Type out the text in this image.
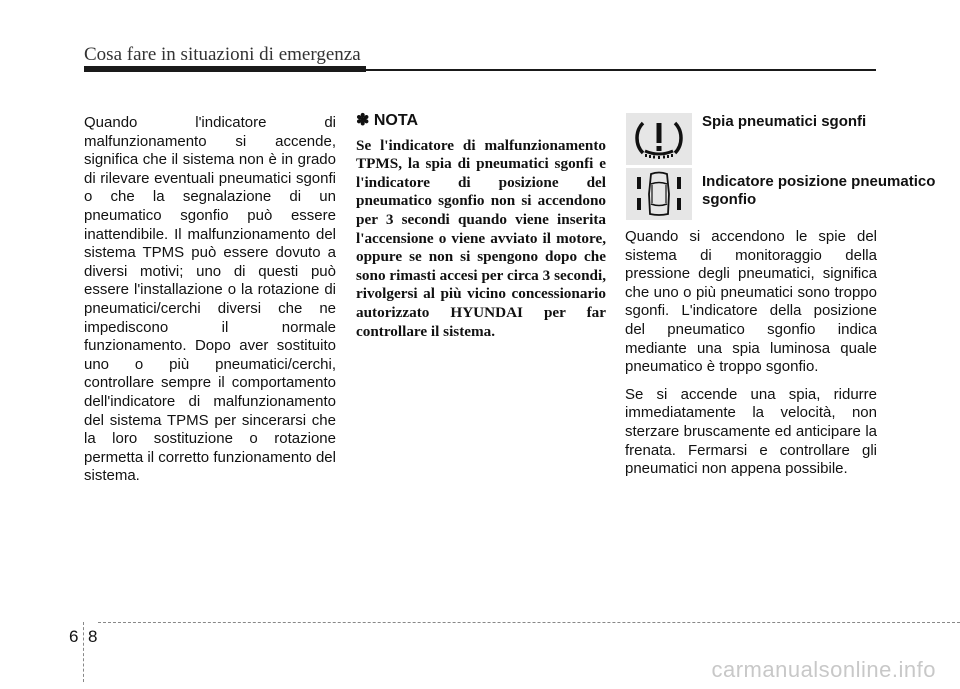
Cosa fare in situazioni di emergenza

Quando l'indicatore di malfunzionamento si accende, significa che il sistema non è in grado di rilevare eventuali pneumatici sgonfi o che la segnalazione di un pneumatico sgonfio può essere inattendibile. Il malfunzionamento del sistema TPMS può essere dovuto a diversi motivi; uno di questi può essere l'installazione o la rotazione di pneumatici/cerchi diversi che ne impediscono il normale funzionamento. Dopo aver sostituito uno o più pneumatici/cerchi, controllare sempre il comportamento dell'indicatore di malfunzionamento del sistema TPMS per sincerarsi che la loro sostituzione o rotazione permetta il corretto funzionamento del sistema.

✽ NOTA

Se l'indicatore di malfunzionamento TPMS, la spia di pneumatici sgonfi e l'indicatore di posizione del pneumatico sgonfio non si accendono per 3 secondi quando viene inserita l'accensione o viene avviato il motore, oppure se non si spengono dopo che sono rimasti accesi per circa 3 secondi, rivolgersi al più vicino concessionario autorizzato HYUNDAI per far controllare il sistema.

Spia pneumatici sgonfi
Indicatore posizione pneumatico sgonfio

Quando si accendono le spie del sistema di monitoraggio della pressione degli pneumatici, significa che uno o più pneumatici sono troppo sgonfi. L'indicatore della posizione del pneumatico sgonfio indica mediante una spia luminosa quale pneumatico è troppo sgonfio.

Se si accende una spia, ridurre immediatamente la velocità, non sterzare bruscamente ed anticipare la frenata. Fermarsi e controllare gli pneumatici non appena possibile.

6 8
carmanualsonline.info
